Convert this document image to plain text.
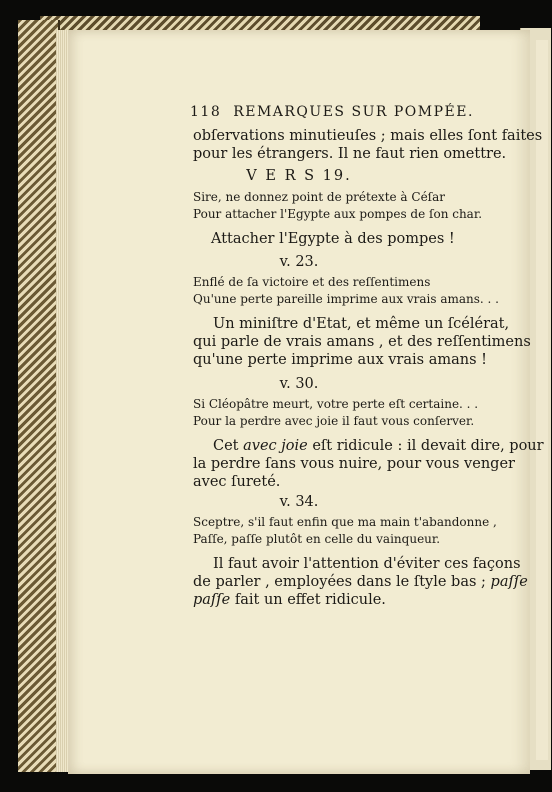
118 REMARQUES SUR POMPÉE.
obſervations minutieuſes ; mais elles ſont faites
pour les étrangers. Il ne faut rien omettre.
V E R S 19.
Sire, ne donnez point de prétexte à Céſar
Pour attacher l'Egypte aux pompes de ſon char.
Attacher l'Egypte à des pompes !
v. 23.
Enflé de ſa victoire et des reſſentimens
Qu'une perte pareille imprime aux vrais amans. . .
Un miniſtre d'Etat, et même un ſcélérat,
qui parle de vrais amans , et des reſſentimens
qu'une perte imprime aux vrais amans !
v. 30.
Si Cléopâtre meurt, votre perte eſt certaine. . .
Pour la perdre avec joie il faut vous conſerver.
Cet avec joie eſt ridicule : il devait dire, pour
la perdre ſans vous nuire, pour vous venger
avec ſureté.
v. 34.
Sceptre, s'il faut enfin que ma main t'abandonne ,
Paſſe, paſſe plutôt en celle du vainqueur.
Il faut avoir l'attention d'éviter ces façons
de parler , employées dans le ſtyle bas ; paſſe
paſſe fait un effet ridicule.
